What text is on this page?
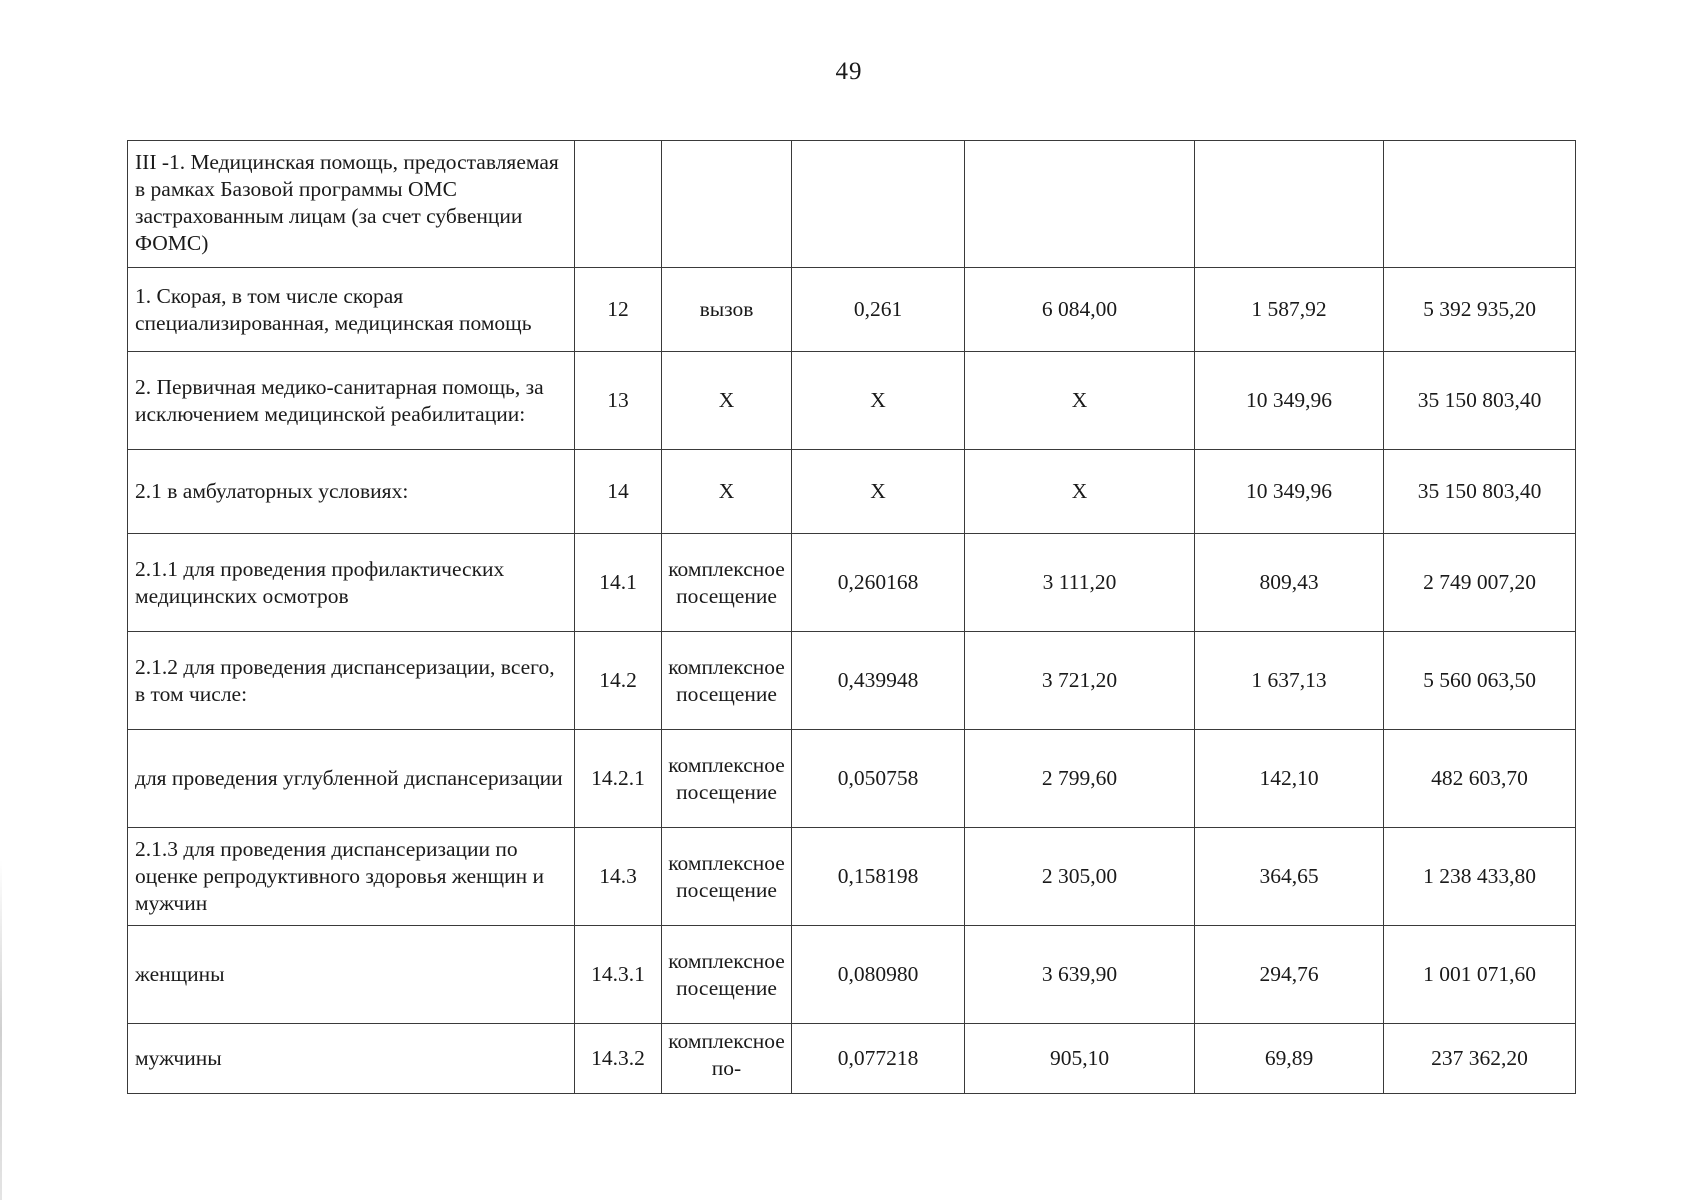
49
III -1. Медицинская помощь, предоставляемая в рамках Базовой программы ОМС застрахованным лицам (за счет субвенции ФОМС)						
1. Скорая, в том числе скорая специализированная, медицинская помощь	12	вызов	0,261	6 084,00	1 587,92	5 392 935,20
2. Первичная медико-санитарная помощь, за исключением медицинской реабилитации:	13	X	X	X	10 349,96	35 150 803,40
2.1 в амбулаторных условиях:	14	X	X	X	10 349,96	35 150 803,40
2.1.1 для проведения профилактических медицинских осмотров	14.1	комплексное посещение	0,260168	3 111,20	809,43	2 749 007,20
2.1.2 для проведения диспансеризации, всего, в том числе:	14.2	комплексное посещение	0,439948	3 721,20	1 637,13	5 560 063,50
для проведения углубленной диспансеризации	14.2.1	комплексное посещение	0,050758	2 799,60	142,10	482 603,70
2.1.3 для проведения диспансеризации по оценке репродуктивного здоровья женщин и мужчин	14.3	комплексное посещение	0,158198	2 305,00	364,65	1 238 433,80
женщины	14.3.1	комплексное посещение	0,080980	3 639,90	294,76	1 001 071,60
мужчины	14.3.2	комплексное по-	0,077218	905,10	69,89	237 362,20
